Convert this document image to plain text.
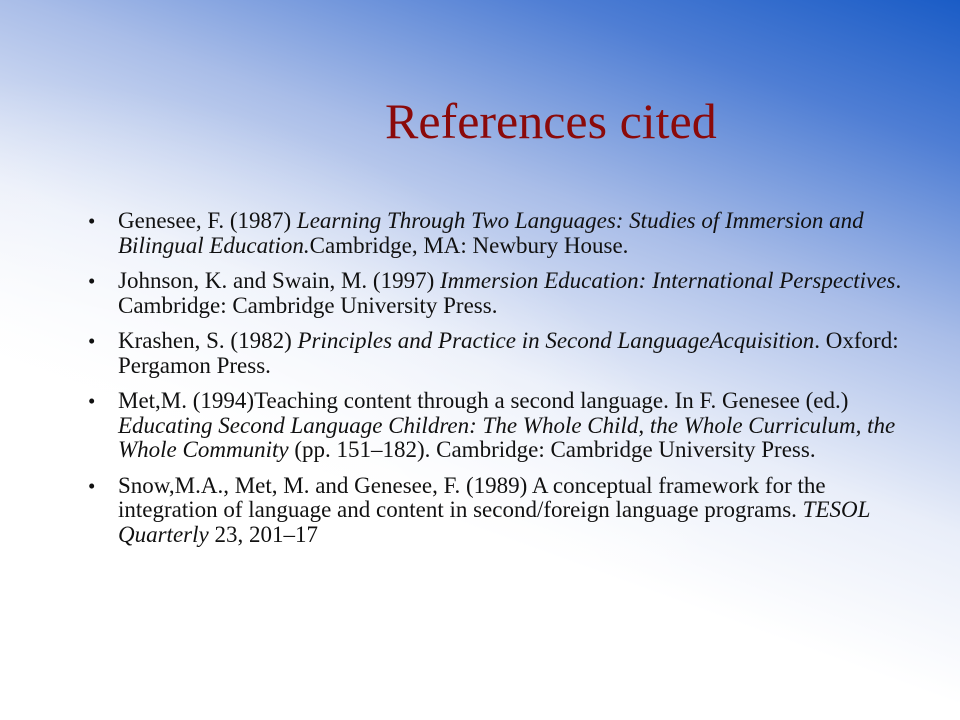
References cited
• Genesee, F. (1987) Learning Through Two Languages: Studies of Immersion and Bilingual Education.Cambridge, MA: Newbury House.
• Johnson, K. and Swain, M. (1997) Immersion Education: International Perspectives. Cambridge: Cambridge University Press.
• Krashen, S. (1982) Principles and Practice in Second LanguageAcquisition. Oxford: Pergamon Press.
• Met,M. (1994)Teaching content through a second language. In F. Genesee (ed.) Educating Second Language Children: The Whole Child, the Whole Curriculum, the Whole Community (pp. 151–182). Cambridge: Cambridge University Press.
• Snow,M.A., Met, M. and Genesee, F. (1989) A conceptual framework for the integration of language and content in second/foreign language programs. TESOL Quarterly 23, 201–17
